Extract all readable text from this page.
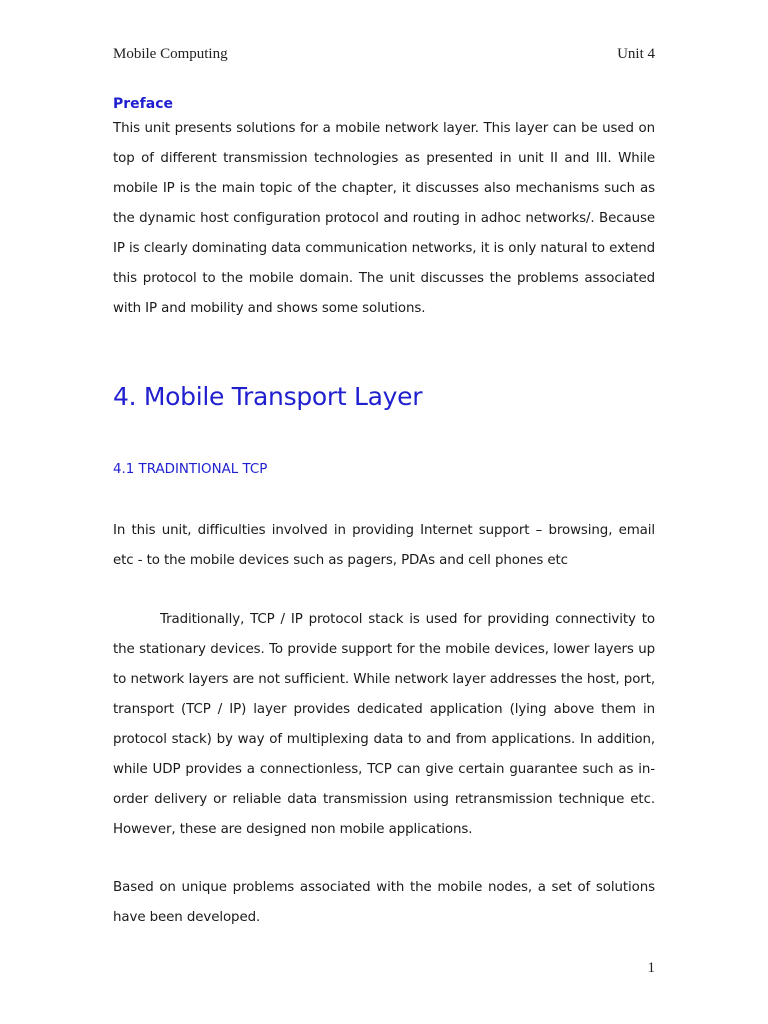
Mobile Computing	Unit 4
Preface

This unit presents solutions for a mobile network layer. This layer can be used on top of different transmission technologies as presented in unit II and III. While mobile IP is the main topic of the chapter, it discusses also mechanisms such as the dynamic host configuration protocol and routing in adhoc networks/. Because IP is clearly dominating data communication networks, it is only natural to extend this protocol to the mobile domain. The unit discusses the problems associated with IP and mobility and shows some solutions.

4. Mobile Transport Layer
4.1 TRADINTIONAL TCP

In this unit, difficulties involved in providing Internet support – browsing, email etc - to the mobile devices such as pagers, PDAs and cell phones etc

Traditionally, TCP / IP protocol stack is used for providing connectivity to the stationary devices. To provide support for the mobile devices, lower layers up to network layers are not sufficient. While network layer addresses the host, port, transport (TCP / IP) layer provides dedicated application (lying above them in protocol stack) by way of multiplexing data to and from applications. In addition, while UDP provides a connectionless, TCP can give certain guarantee such as in-order delivery or reliable data transmission using retransmission technique etc. However, these are designed non mobile applications.

Based on unique problems associated with the mobile nodes, a set of solutions have been developed.

1
